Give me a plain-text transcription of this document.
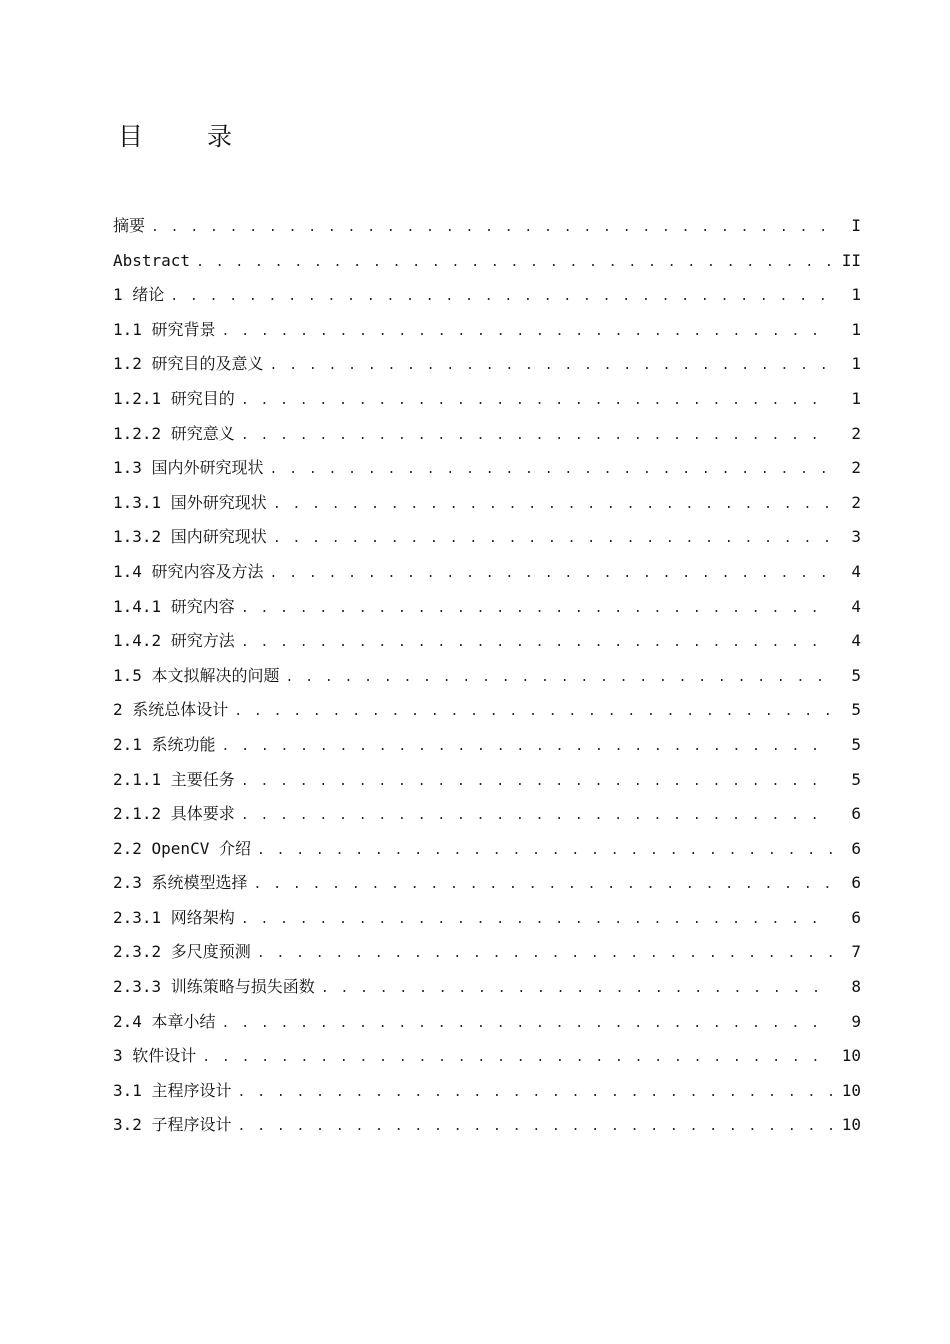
目 录
摘要 . . .	I
Abstract . . .	II
1 绪论 . . .	1
1.1 研究背景 . . .	1
1.2 研究目的及意义 . . .	1
1.2.1 研究目的 . . .	1
1.2.2 研究意义 . . .	2
1.3 国内外研究现状 . . .	2
1.3.1 国外研究现状 . . .	2
1.3.2 国内研究现状 . . .	3
1.4 研究内容及方法 . . .	4
1.4.1 研究内容 . . .	4
1.4.2 研究方法 . . .	4
1.5 本文拟解决的问题 . . .	5
2 系统总体设计 . . .	5
2.1 系统功能 . . .	5
2.1.1 主要任务 . . .	5
2.1.2 具体要求 . . .	6
2.2 OpenCV 介绍 . . .	6
2.3 系统模型选择 . . .	6
2.3.1 网络架构 . . .	6
2.3.2 多尺度预测 . . .	7
2.3.3 训练策略与损失函数 . . .	8
2.4 本章小结 . . .	9
3 软件设计 . . .	10
3.1 主程序设计 . . .	10
3.2 子程序设计 . . .	10
